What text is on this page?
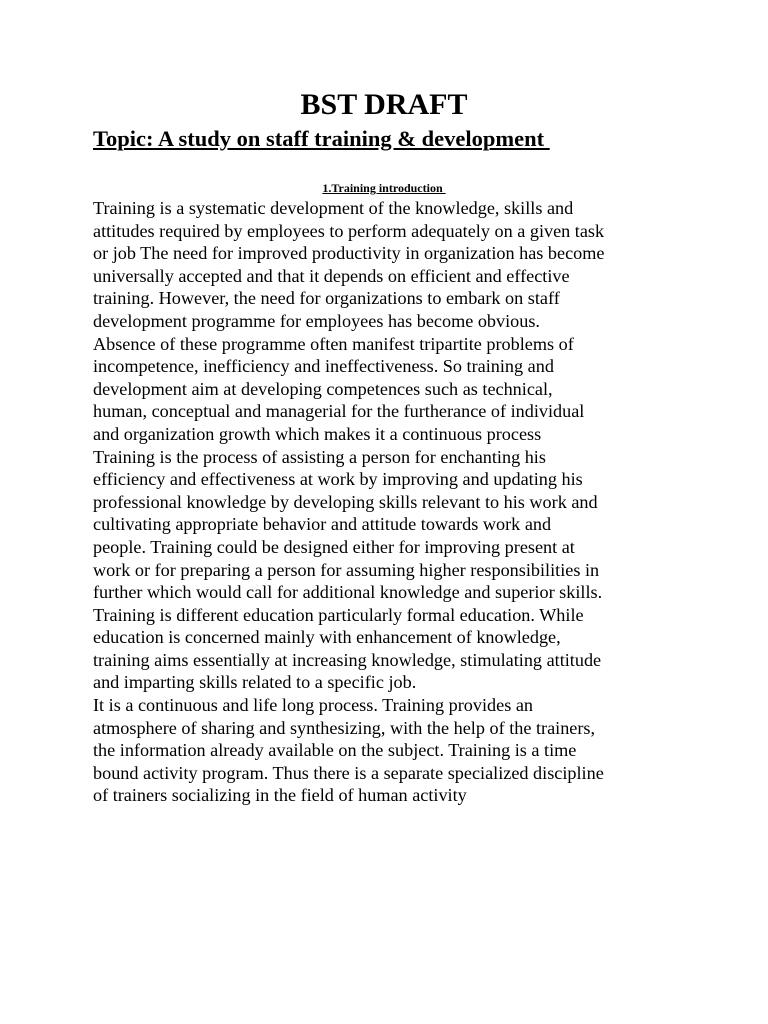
BST DRAFT
Topic: A study on staff training & development
1.Training introduction
Training is a systematic development of the knowledge, skills and
attitudes required by employees to perform adequately on a given task
or job The need for improved productivity in organization has become
universally accepted and that it depends on efficient and effective
training. However, the need for organizations to embark on staff
development programme for employees has become obvious.
Absence of these programme often manifest tripartite problems of
incompetence, inefficiency and ineffectiveness. So training and
development aim at developing competences such as technical,
human, conceptual and managerial for the furtherance of individual
and organization growth which makes it a continuous process
Training is the process of assisting a person for enchanting his
efficiency and effectiveness at work by improving and updating his
professional knowledge by developing skills relevant to his work and
cultivating appropriate behavior and attitude towards work and
people. Training could be designed either for improving present at
work or for preparing a person for assuming higher responsibilities in
further which would call for additional knowledge and superior skills.
Training is different education particularly formal education. While
education is concerned mainly with enhancement of knowledge,
training aims essentially at increasing knowledge, stimulating attitude
and imparting skills related to a specific job.
It is a continuous and life long process. Training provides an
atmosphere of sharing and synthesizing, with the help of the trainers,
the information already available on the subject. Training is a time
bound activity program. Thus there is a separate specialized discipline
of trainers socializing in the field of human activity
